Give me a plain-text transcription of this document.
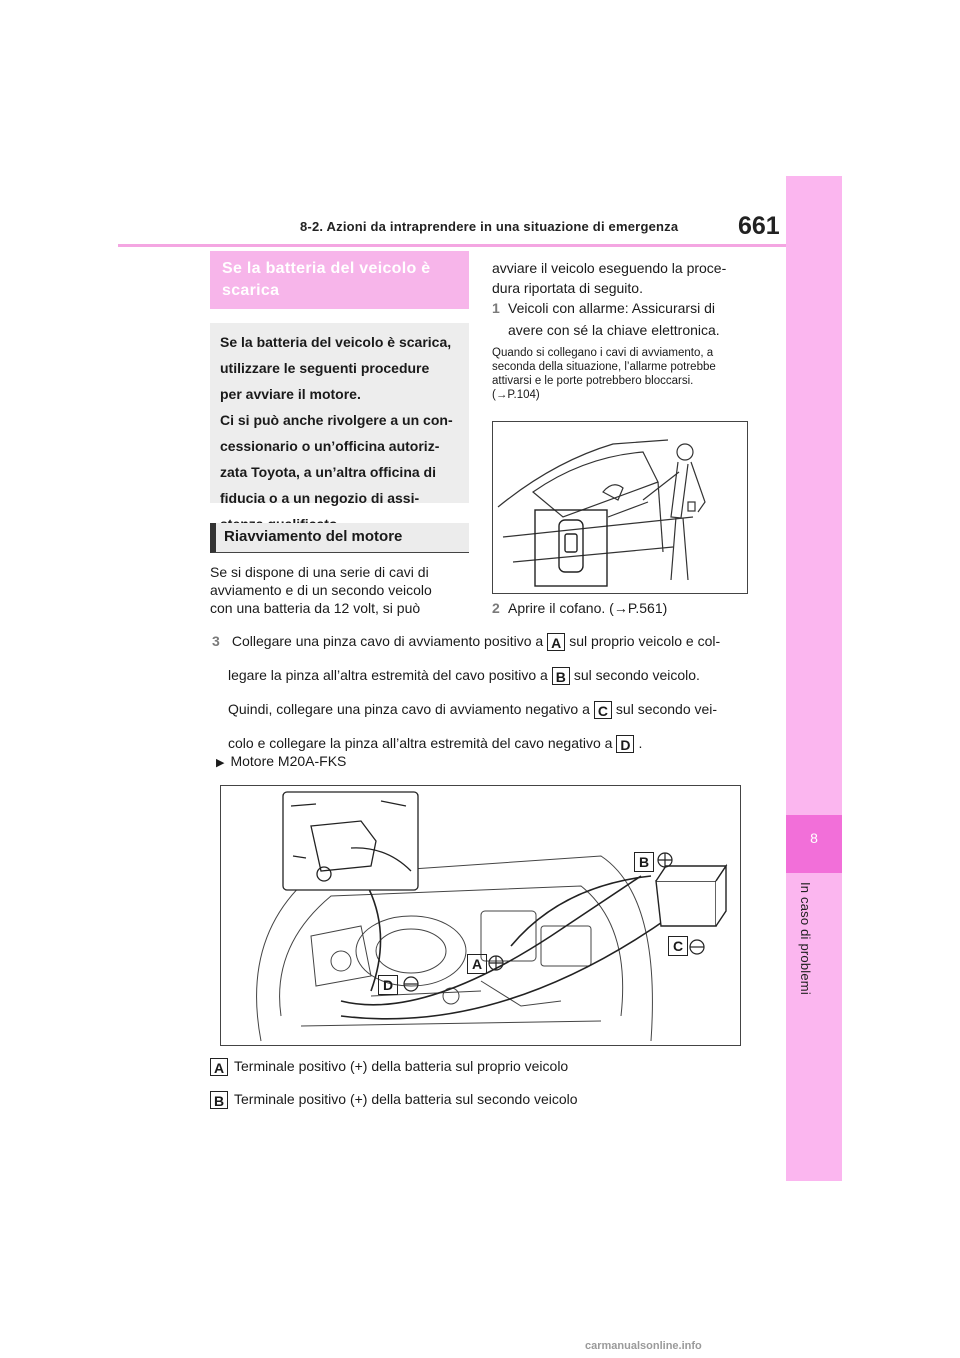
8-2. Azioni da intraprendere in una situazione di emergenza 661
8
In caso di problemi
Se la batteria del veicolo è
scarica
Se la batteria del veicolo è scarica,
utilizzare le seguenti procedure
per avviare il motore.
Ci si può anche rivolgere a un con-
cessionario o un’officina autoriz-
zata Toyota, a un’altra officina di
fiducia o a un negozio di assi-
Riavviamento del motore
Se si dispone di una serie di cavi di
avviamento e di un secondo veicolo
con una batteria da 12 volt, si può
avviare il veicolo eseguendo la proce-
dura riportata di seguito.
1 Veicoli con allarme: Assicurarsi di
avere con sé la chiave elettronica.
Quando si collegano i cavi di avviamento, a
seconda della situazione, l’allarme potrebbe
attivarsi e le porte potrebbero bloccarsi.
(→P.104)
2 Aprire il cofano. (→P.561)
3 Collegare una pinza cavo di avviamento positivo a A sul proprio veicolo e col-
legare la pinza all’altra estremità del cavo positivo a B sul secondo veicolo.
Quindi, collegare una pinza cavo di avviamento negativo a C sul secondo vei-
colo e collegare la pinza all’altra estremità del cavo negativo a D .
▶ Motore M20A-FKS
B
C
A
D
A Terminale positivo (+) della batteria sul proprio veicolo
B Terminale positivo (+) della batteria sul secondo veicolo
carmanualsonline.info
